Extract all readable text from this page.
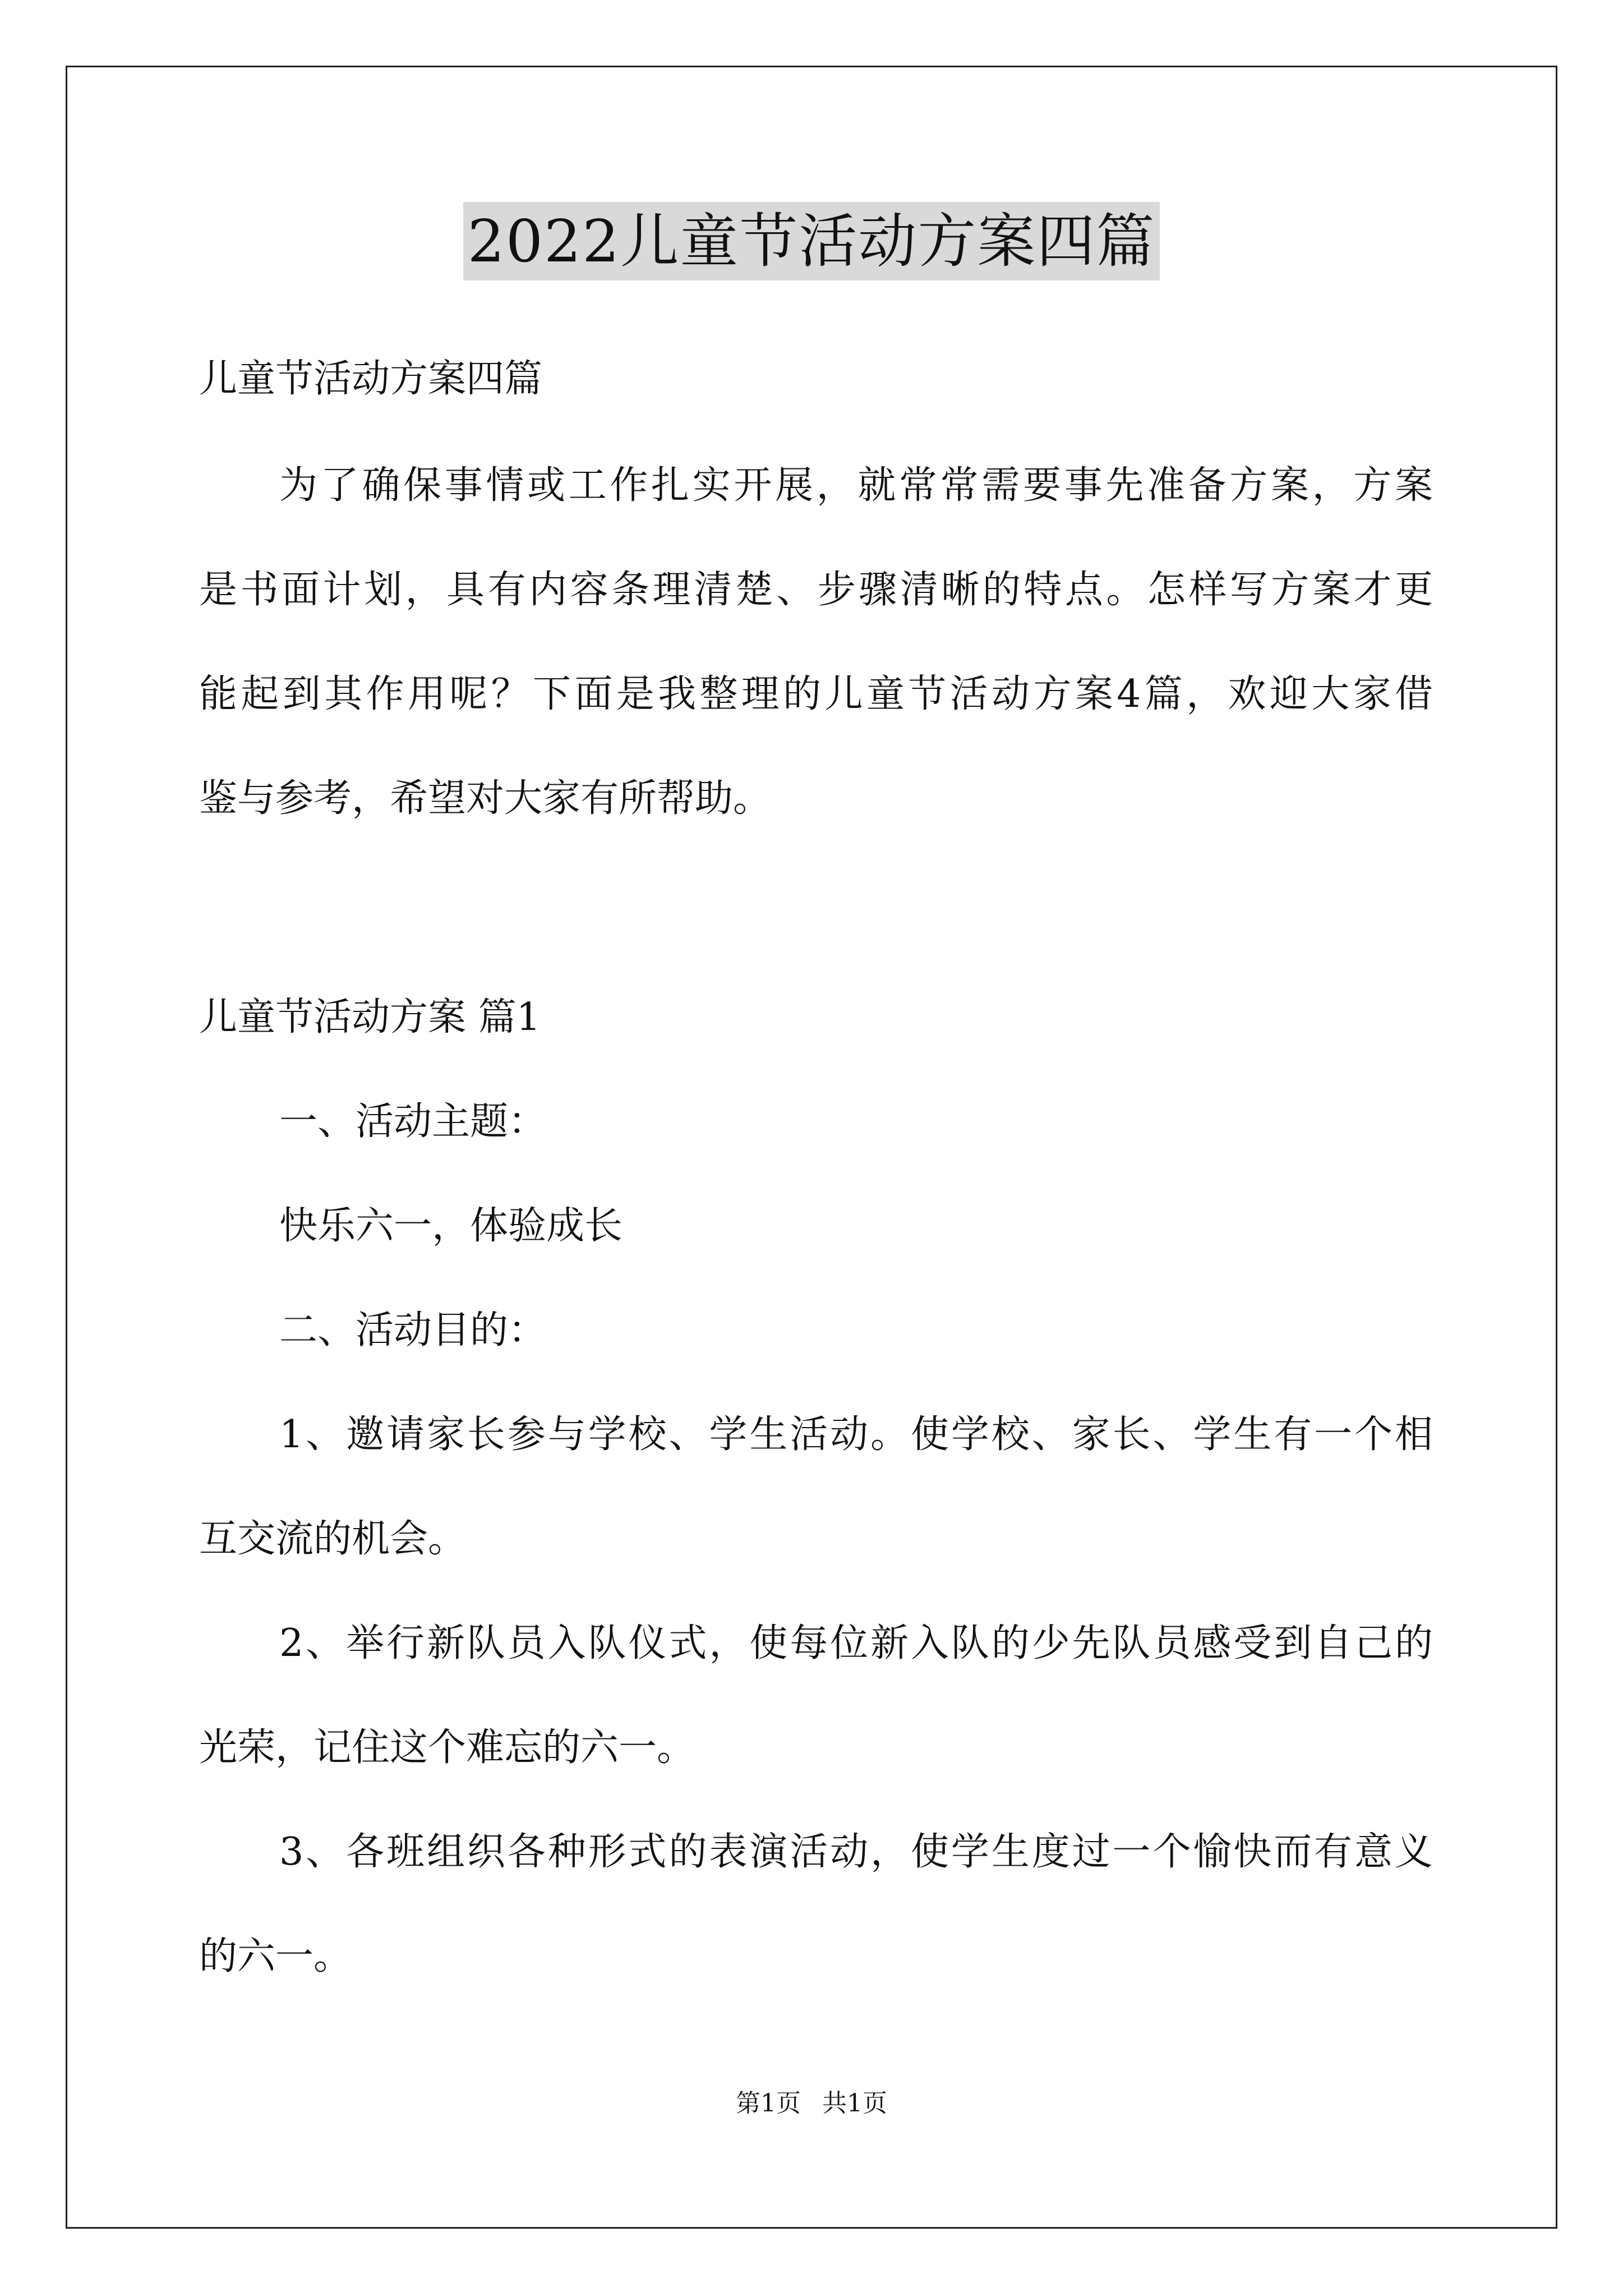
2022儿童节活动方案四篇
儿童节活动方案四篇
为了确保事情或工作扎实开展，就常常需要事先准备方案，方案
是书面计划，具有内容条理清楚、步骤清晰的特点。怎样写方案才更
能起到其作用呢？下面是我整理的儿童节活动方案4篇，欢迎大家借
鉴与参考，希望对大家有所帮助。
儿童节活动方案 篇1
一、活动主题：
快乐六一，体验成长
二、活动目的：
1、邀请家长参与学校、学生活动。使学校、家长、学生有一个相
互交流的机会。
2、举行新队员入队仪式，使每位新入队的少先队员感受到自己的
光荣，记住这个难忘的六一。
3、各班组织各种形式的表演活动，使学生度过一个愉快而有意义
的六一。
第1页 共1页
